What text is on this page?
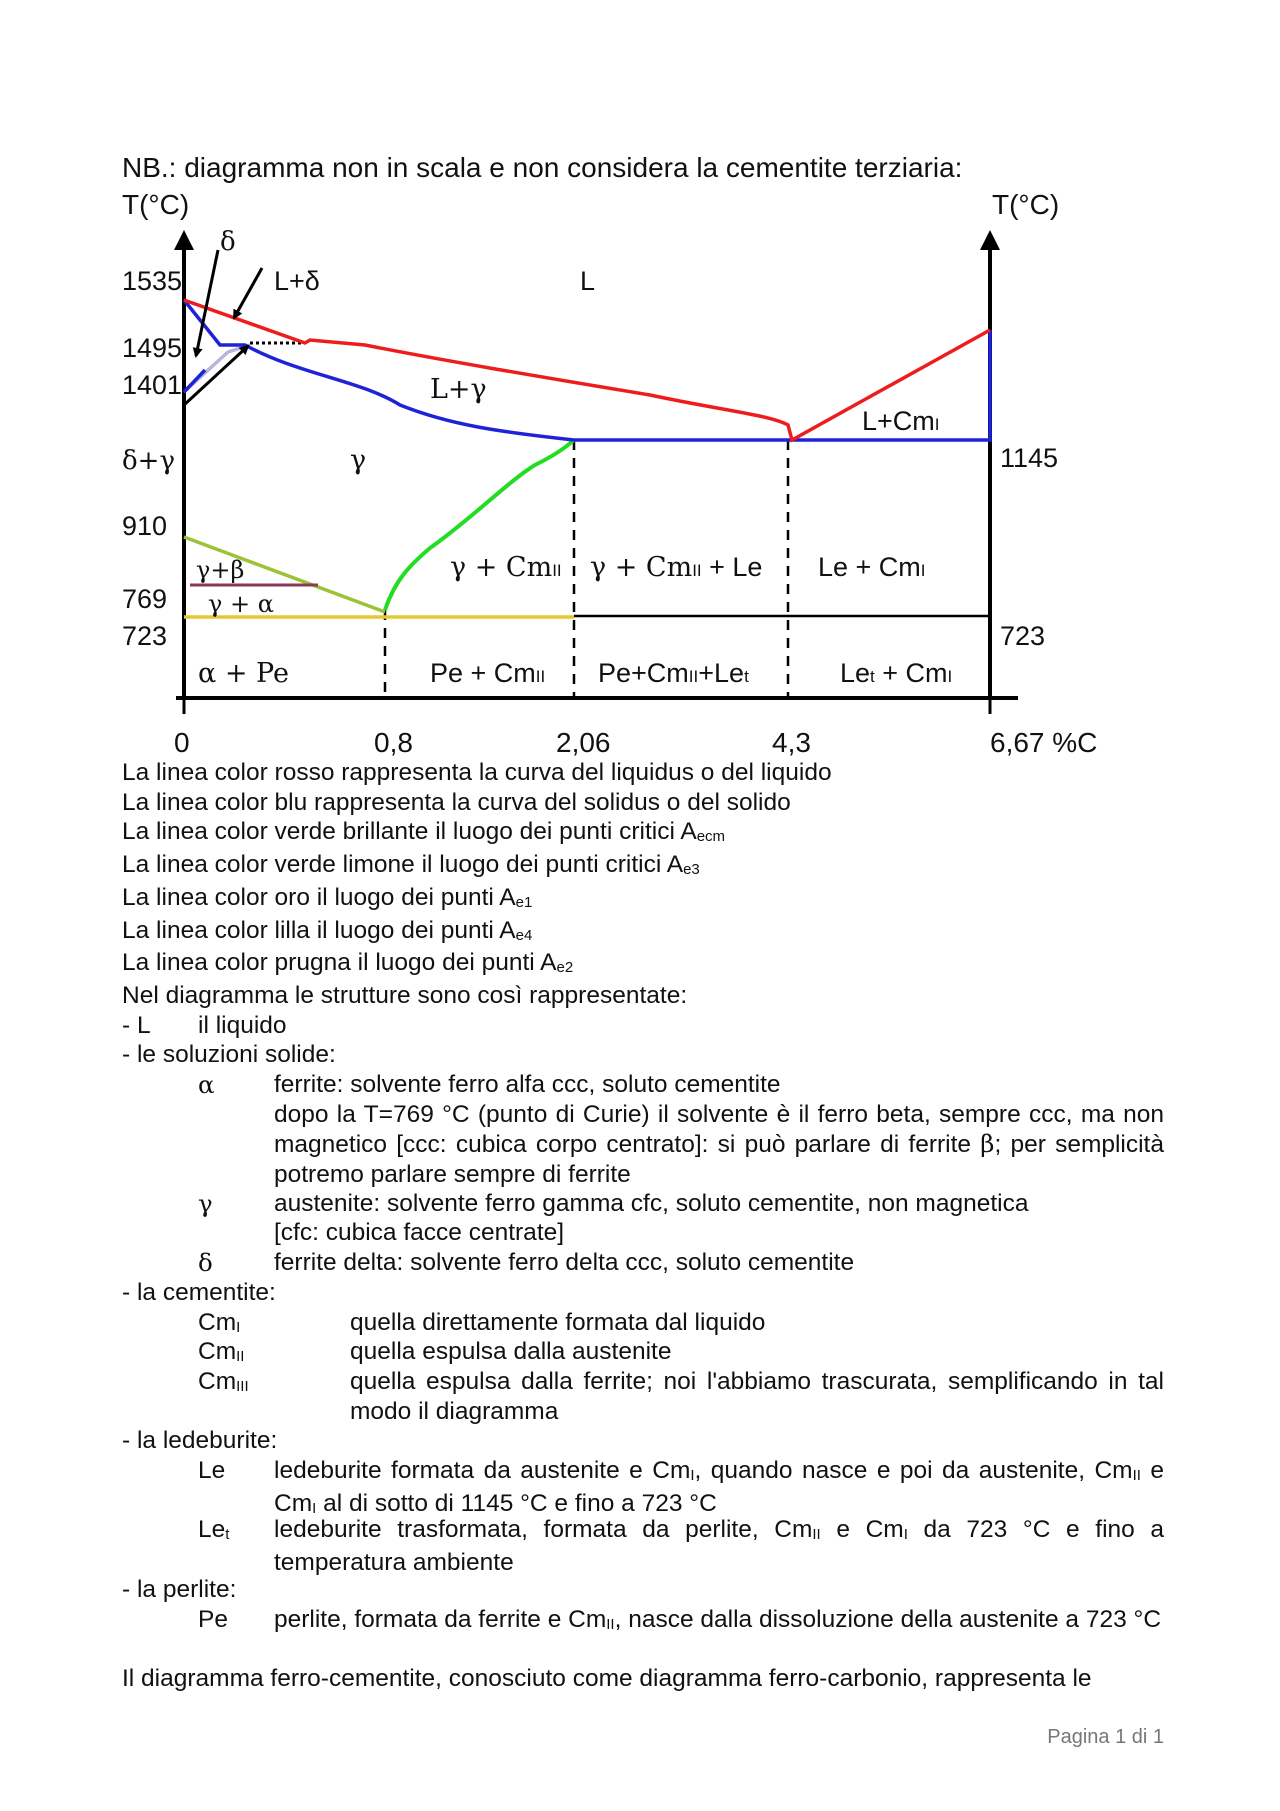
NB.: diagramma non in scala e non considera la cementite terziaria:
T(°C)	T(°C)
1535
1495
1401
910
769
723
1145
723
0	0,8	2,06	4,3	6,67 %C
δ
L+δ	L
L+γ
δ+γ	γ
L+CmI
γ+β
γ + α
γ + CmII γ + CmII + Le Le + CmI
α + Pe	Pe + CmII Pe+CmII+Let	Let + CmI
La linea color rosso rappresenta la curva del liquidus o del liquido
La linea color blu rappresenta la curva del solidus o del solido
La linea color verde brillante il luogo dei punti critici $A_{ecm}$
La linea color verde limone il luogo dei punti critici $A_{e3}$
La linea color oro il luogo dei punti $A_{e1}$
La linea color lilla il luogo dei punti $A_{e4}$
La linea color prugna il luogo dei punti $A_{e2}$
Nel diagramma le strutture sono così rappresentate:
- L il liquido
- le soluzioni solide:
α ferrite: solvente ferro alfa ccc, soluto cementite
dopo la T=769 °C (punto di Curie) il solvente è il ferro beta, sempre ccc, ma non magnetico [ccc: cubica corpo centrato]: si può parlare di ferrite β; per semplicità potremo parlare sempre di ferrite
γ	austenite: solvente ferro gamma cfc, soluto cementite, non magnetica
[cfc: cubica facce centrate]
δ ferrite delta: solvente ferro delta ccc, soluto cementite
- la cementite:
$Cm_I$	quella direttamente formata dal liquido
$Cm_{II}$	quella espulsa dalla austenite
$Cm_{III}$	quella espulsa dalla ferrite; noi l'abbiamo trascurata, semplificando in tal modo il diagramma
- la ledeburite:
Le ledeburite formata da austenite e $Cm_I$, quando nasce e poi da austenite, $Cm_{II}$ e $Cm_I$ al di sotto di 1145 °C e fino a 723 °C
$Le_t$ ledeburite trasformata, formata da perlite, $Cm_{II}$ e $Cm_I$ da 723 °C e fino a temperatura ambiente
- la perlite:
Pe perlite, formata da ferrite e $Cm_{II}$, nasce dalla dissoluzione della austenite a 723 °C
Il diagramma ferro-cementite, conosciuto come diagramma ferro-carbonio, rappresenta le
Pagina 1 di 1
